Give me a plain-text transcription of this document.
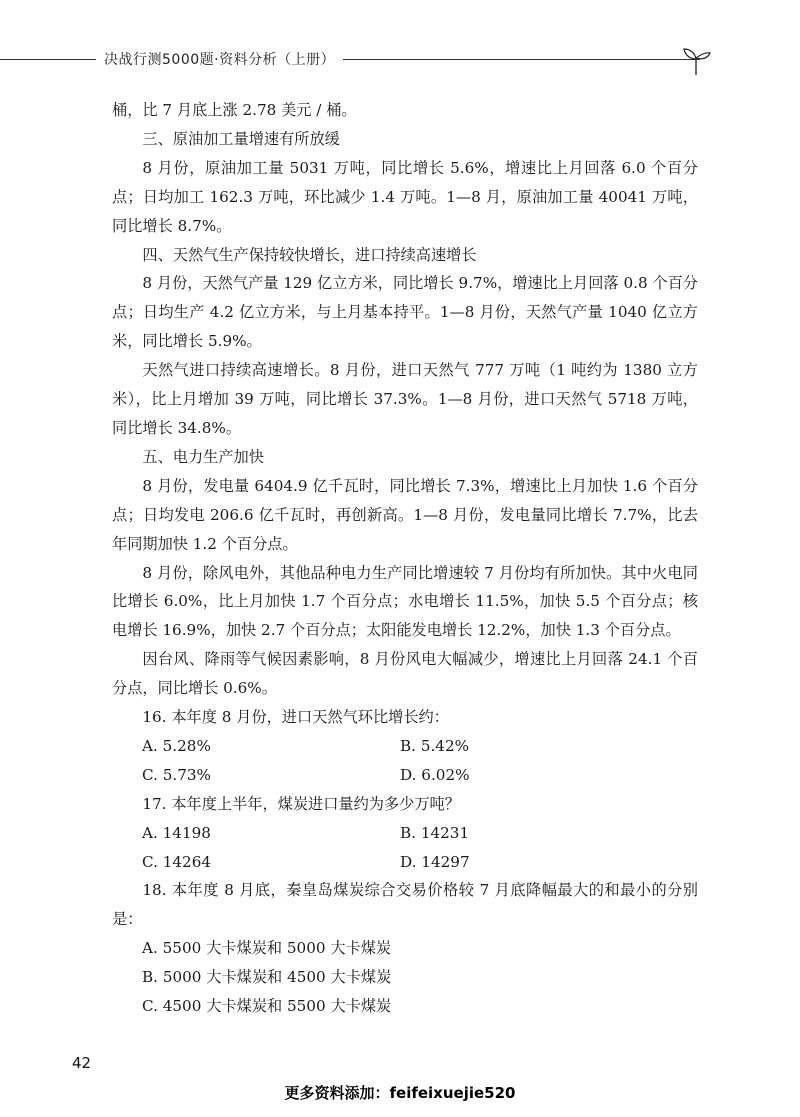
决战行测5000题·资料分析（上册）

桶，比 7 月底上涨 2.78 美元 / 桶。

三、原油加工量增速有所放缓

8 月份，原油加工量 5031 万吨，同比增长 5.6%，增速比上月回落 6.0 个百分点；日均加工 162.3 万吨，环比减少 1.4 万吨。1—8 月，原油加工量 40041 万吨，同比增长 8.7%。

四、天然气生产保持较快增长，进口持续高速增长

8 月份，天然气产量 129 亿立方米，同比增长 9.7%，增速比上月回落 0.8 个百分点；日均生产 4.2 亿立方米，与上月基本持平。1—8 月份，天然气产量 1040 亿立方米，同比增长 5.9%。

天然气进口持续高速增长。8 月份，进口天然气 777 万吨（1 吨约为 1380 立方米），比上月增加 39 万吨，同比增长 37.3%。1—8 月份，进口天然气 5718 万吨，同比增长 34.8%。

五、电力生产加快

8 月份，发电量 6404.9 亿千瓦时，同比增长 7.3%，增速比上月加快 1.6 个百分点；日均发电 206.6 亿千瓦时，再创新高。1—8 月份，发电量同比增长 7.7%，比去年同期加快 1.2 个百分点。

8 月份，除风电外，其他品种电力生产同比增速较 7 月份均有所加快。其中火电同比增长 6.0%，比上月加快 1.7 个百分点；水电增长 11.5%，加快 5.5 个百分点；核电增长 16.9%，加快 2.7 个百分点；太阳能发电增长 12.2%，加快 1.3 个百分点。

因台风、降雨等气候因素影响，8 月份风电大幅减少，增速比上月回落 24.1 个百分点，同比增长 0.6%。

16. 本年度 8 月份，进口天然气环比增长约：

A. 5.28%	B. 5.42%
C. 5.73%	D. 6.02%

17. 本年度上半年，煤炭进口量约为多少万吨？

A. 14198	B. 14231
C. 14264	D. 14297

18. 本年度 8 月底，秦皇岛煤炭综合交易价格较 7 月底降幅最大的和最小的分别是：

A. 5500 大卡煤炭和 5000 大卡煤炭
B. 5000 大卡煤炭和 4500 大卡煤炭
C. 4500 大卡煤炭和 5500 大卡煤炭
42
更多资料添加：feifeixuejie520
